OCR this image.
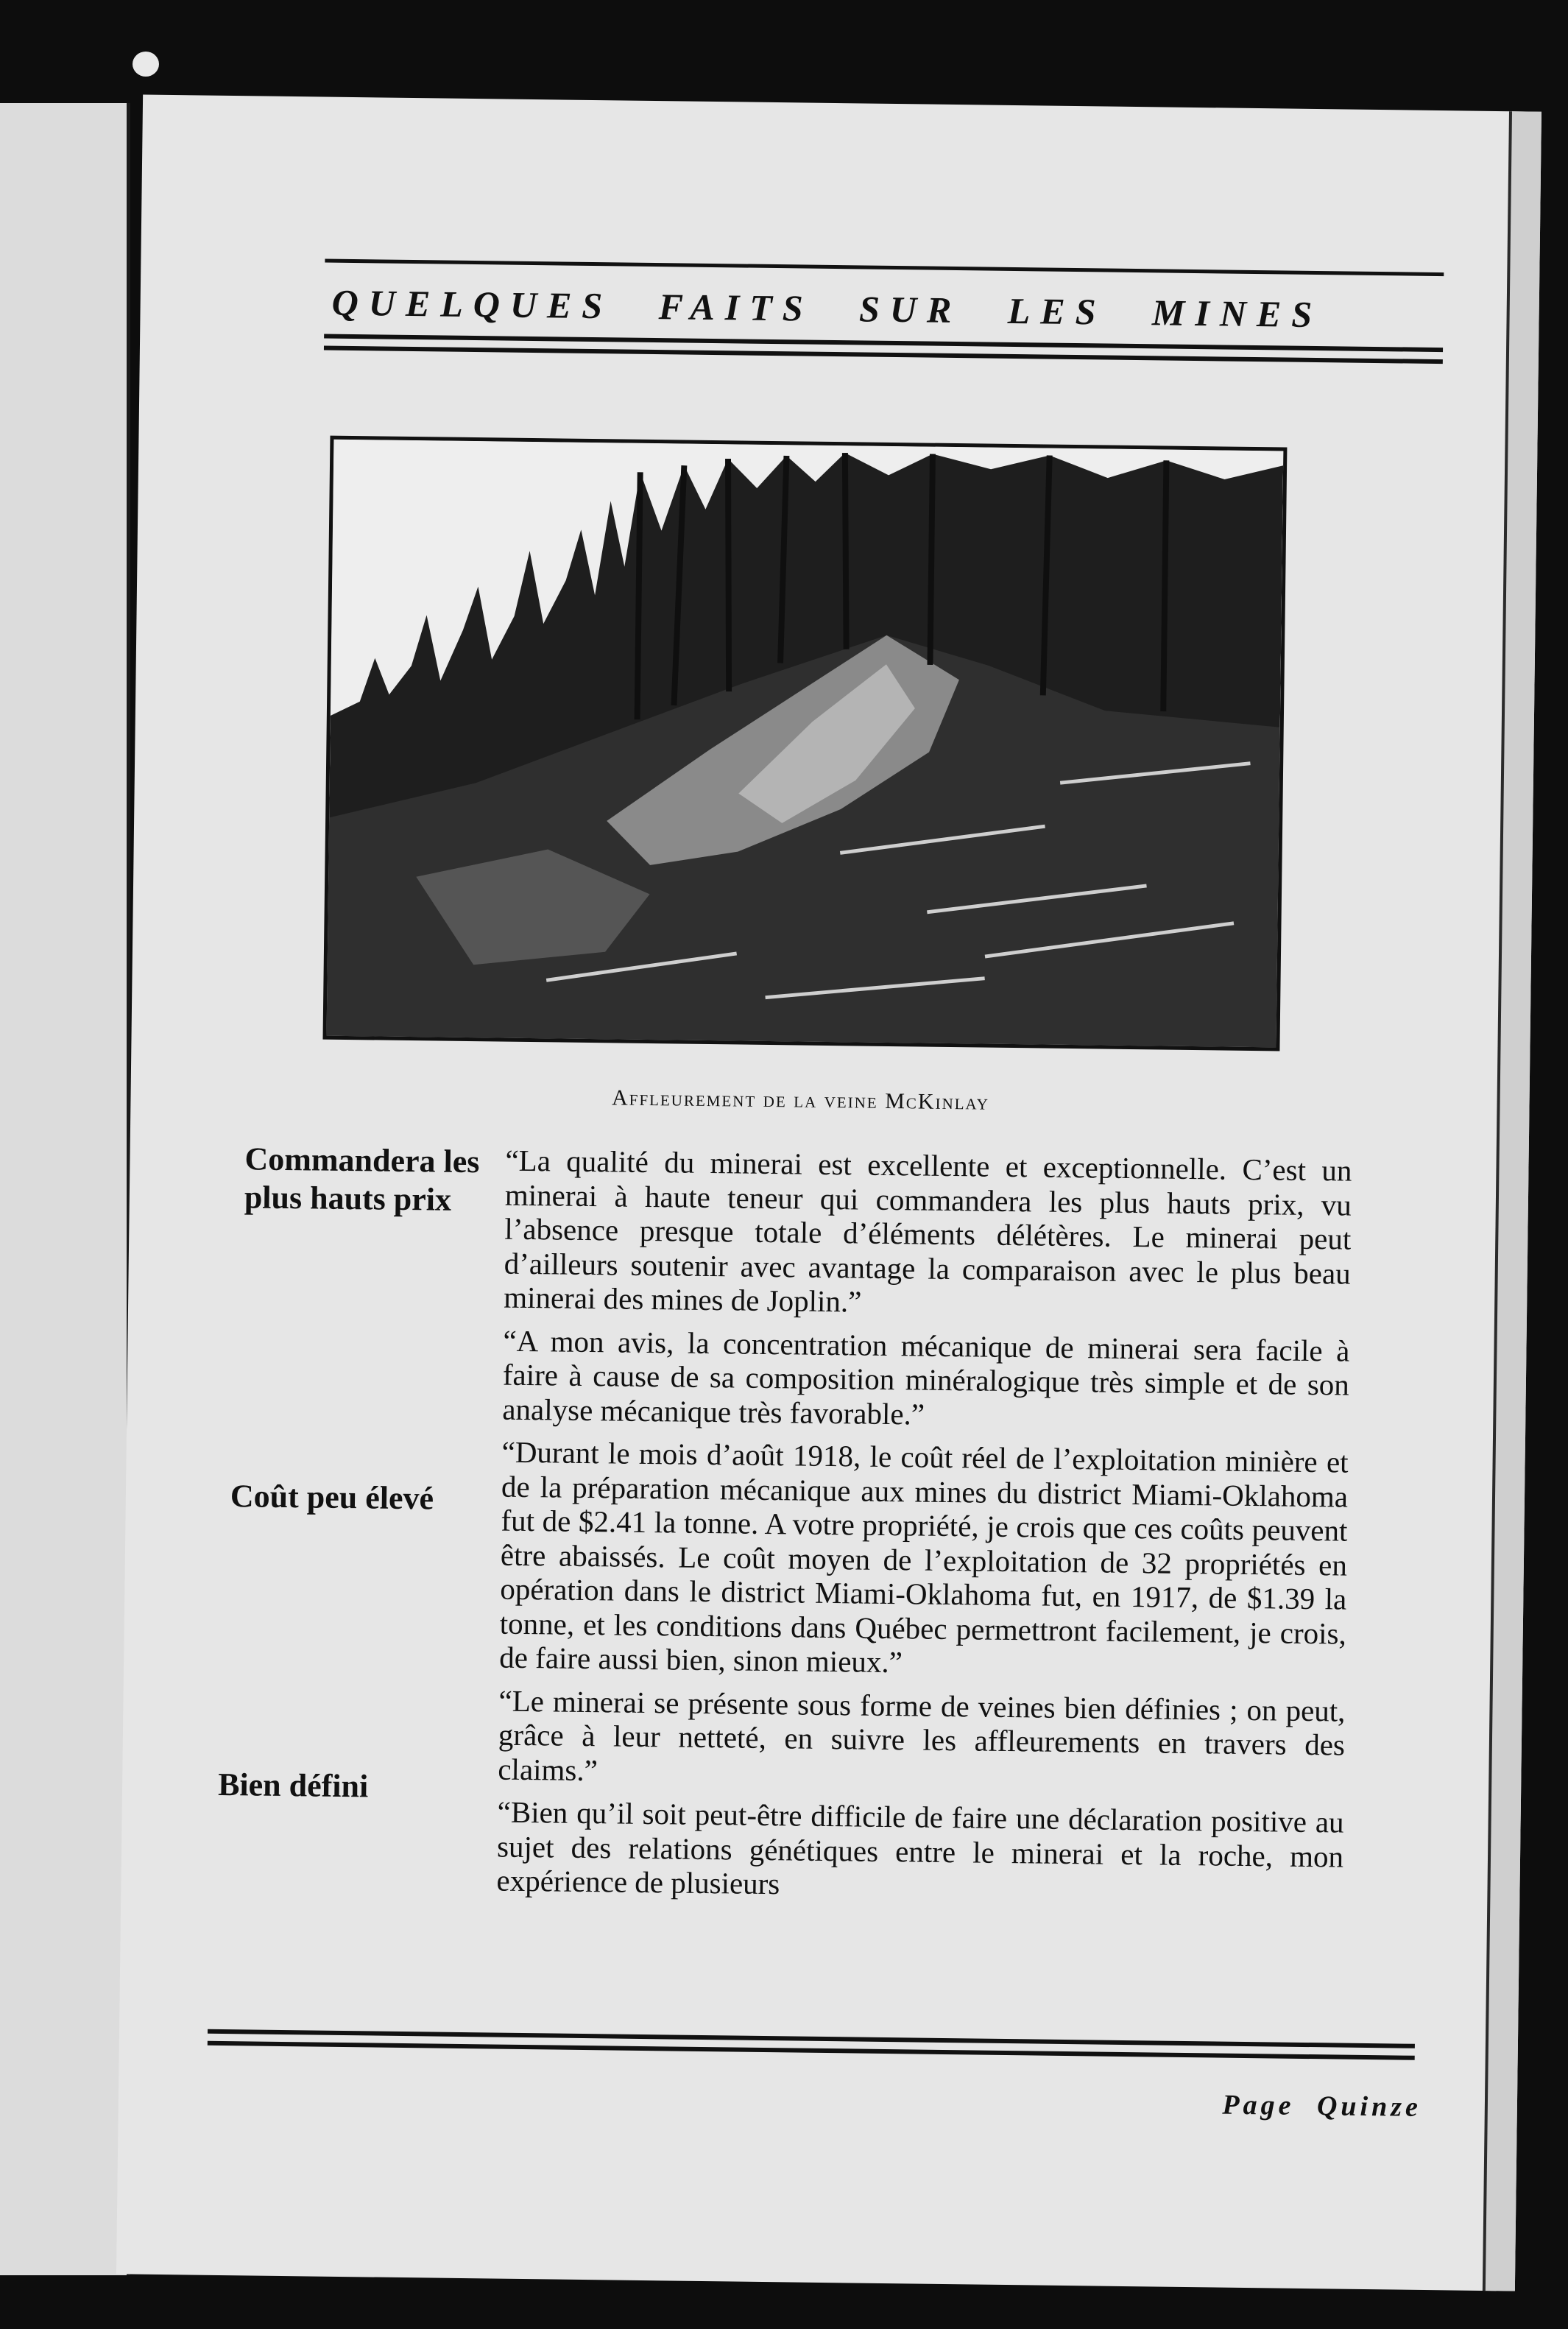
QUELQUES FAITS SUR LES MINES
Affleurement de la veine McKinlay
Commandera les plus hauts prix
Coût peu élevé
Bien défini

“La qualité du minerai est excellente et exceptionnelle. C’est un minerai à haute teneur qui commandera les plus hauts prix, vu l’absence presque totale d’éléments délétères. Le minerai peut d’ailleurs soutenir avec avantage la comparaison avec le plus beau minerai des mines de Joplin.”

“A mon avis, la concentration mécanique de minerai sera facile à faire à cause de sa composition minéralogique très simple et de son analyse mécanique très favorable.”

“Durant le mois d’août 1918, le coût réel de l’exploitation minière et de la préparation mécanique aux mines du district Miami-Oklahoma fut de $2.41 la tonne. A votre propriété, je crois que ces coûts peuvent être abaissés. Le coût moyen de l’exploitation de 32 propriétés en opération dans le district Miami-Oklahoma fut, en 1917, de $1.39 la tonne, et les conditions dans Québec permettront facilement, je crois, de faire aussi bien, sinon mieux.”

“Le minerai se présente sous forme de veines bien définies ; on peut, grâce à leur netteté, en suivre les affleurements en travers des claims.”

“Bien qu’il soit peut-être difficile de faire une déclaration positive au sujet des relations génétiques entre le minerai et la roche, mon expérience de plusieurs

Page Quinze
